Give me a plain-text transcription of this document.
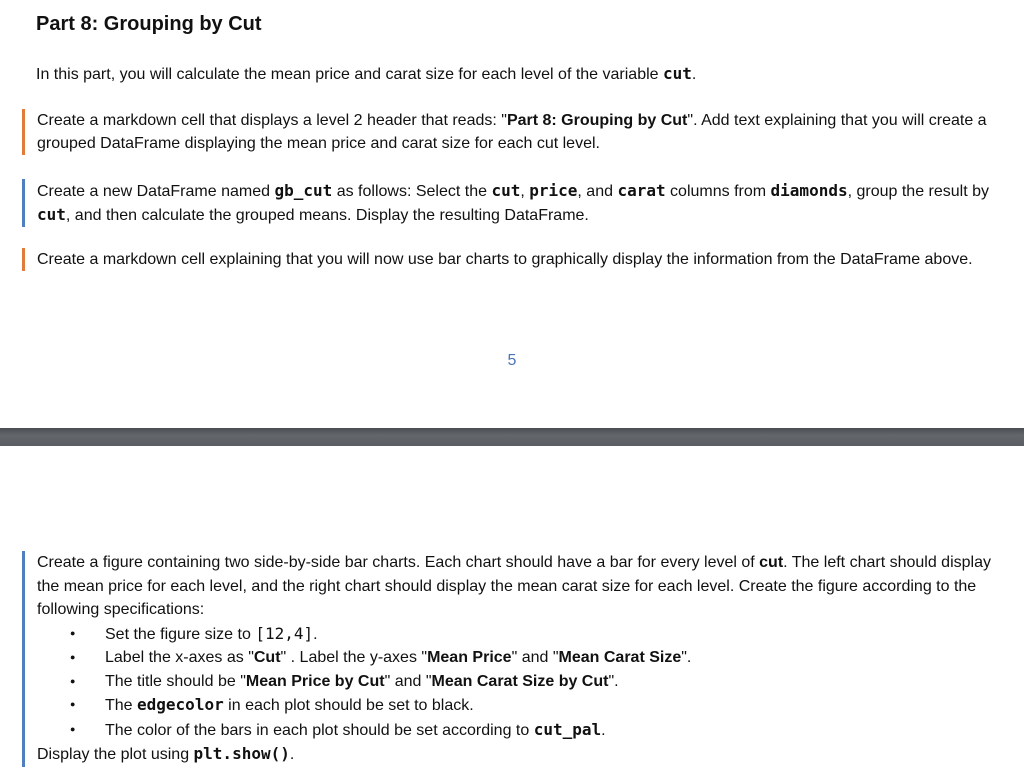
Part 8: Grouping by Cut

In this part, you will calculate the mean price and carat size for each level of the variable cut.

Create a markdown cell that displays a level 2 header that reads: "Part 8: Grouping by Cut". Add text explaining that you will create a grouped DataFrame displaying the mean price and carat size for each cut level.
Create a new DataFrame named gb_cut as follows: Select the cut, price, and carat columns from diamonds, group the result by cut, and then calculate the grouped means. Display the resulting DataFrame.
Create a markdown cell explaining that you will now use bar charts to graphically display the information from the DataFrame above.
5
Create a figure containing two side-by-side bar charts. Each chart should have a bar for every level of cut. The left chart should display the mean price for each level, and the right chart should display the mean carat size for each level. Create the figure according to the following specifications:
● Set the figure size to [12,4].
● Label the x-axes as "Cut" . Label the y-axes "Mean Price" and "Mean Carat Size".
● The title should be "Mean Price by Cut" and "Mean Carat Size by Cut".
● The edgecolor in each plot should be set to black.
● The color of the bars in each plot should be set according to cut_pal.
Display the plot using plt.show().
